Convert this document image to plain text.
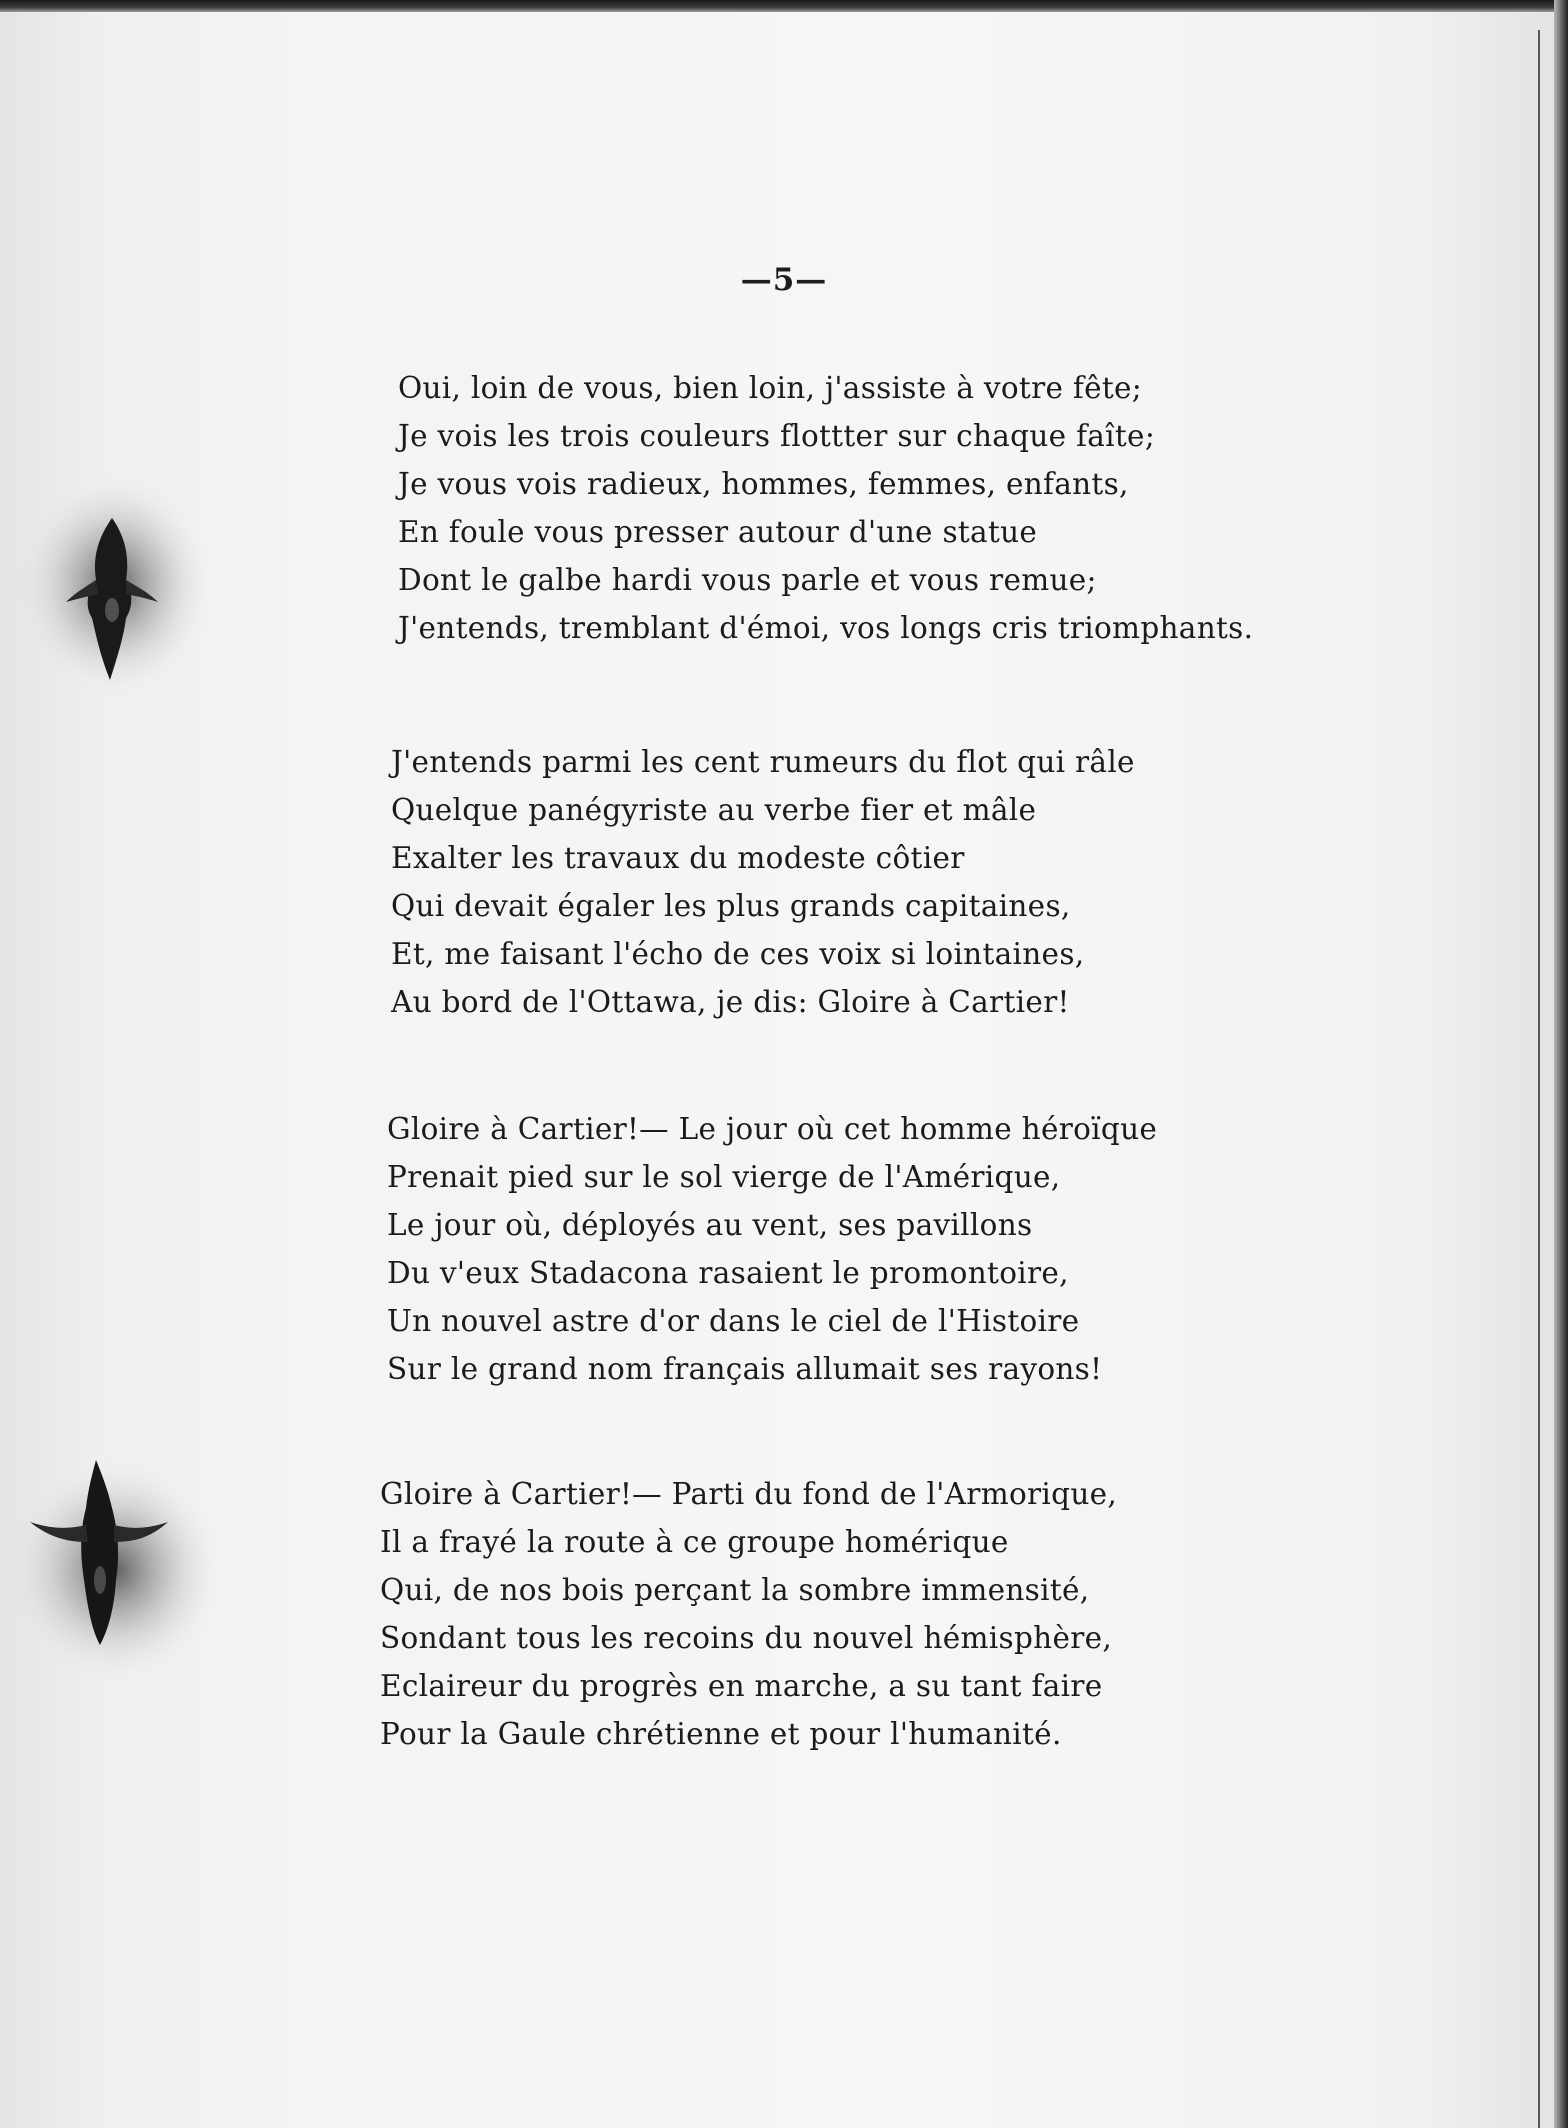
—5—
Oui, loin de vous, bien loin, j'assiste à votre fête;
Je vois les trois couleurs flottter sur chaque faîte;
Je vous vois radieux, hommes, femmes, enfants,
En foule vous presser autour d'une statue
Dont le galbe hardi vous parle et vous remue;
J'entends, tremblant d'émoi, vos longs cris triomphants.
J'entends parmi les cent rumeurs du flot qui râle
Quelque panégyriste au verbe fier et mâle
Exalter les travaux du modeste côtier
Qui devait égaler les plus grands capitaines,
Et, me faisant l'écho de ces voix si lointaines,
Au bord de l'Ottawa, je dis: Gloire à Cartier!
Gloire à Cartier!— Le jour où cet homme héroïque
Prenait pied sur le sol vierge de l'Amérique,
Le jour où, déployés au vent, ses pavillons
Du v'eux Stadacona rasaient le promontoire,
Un nouvel astre d'or dans le ciel de l'Histoire
Sur le grand nom français allumait ses rayons!
Gloire à Cartier!— Parti du fond de l'Armorique,
Il a frayé la route à ce groupe homérique
Qui, de nos bois perçant la sombre immensité,
Sondant tous les recoins du nouvel hémisphère,
Eclaireur du progrès en marche, a su tant faire
Pour la Gaule chrétienne et pour l'humanité.
